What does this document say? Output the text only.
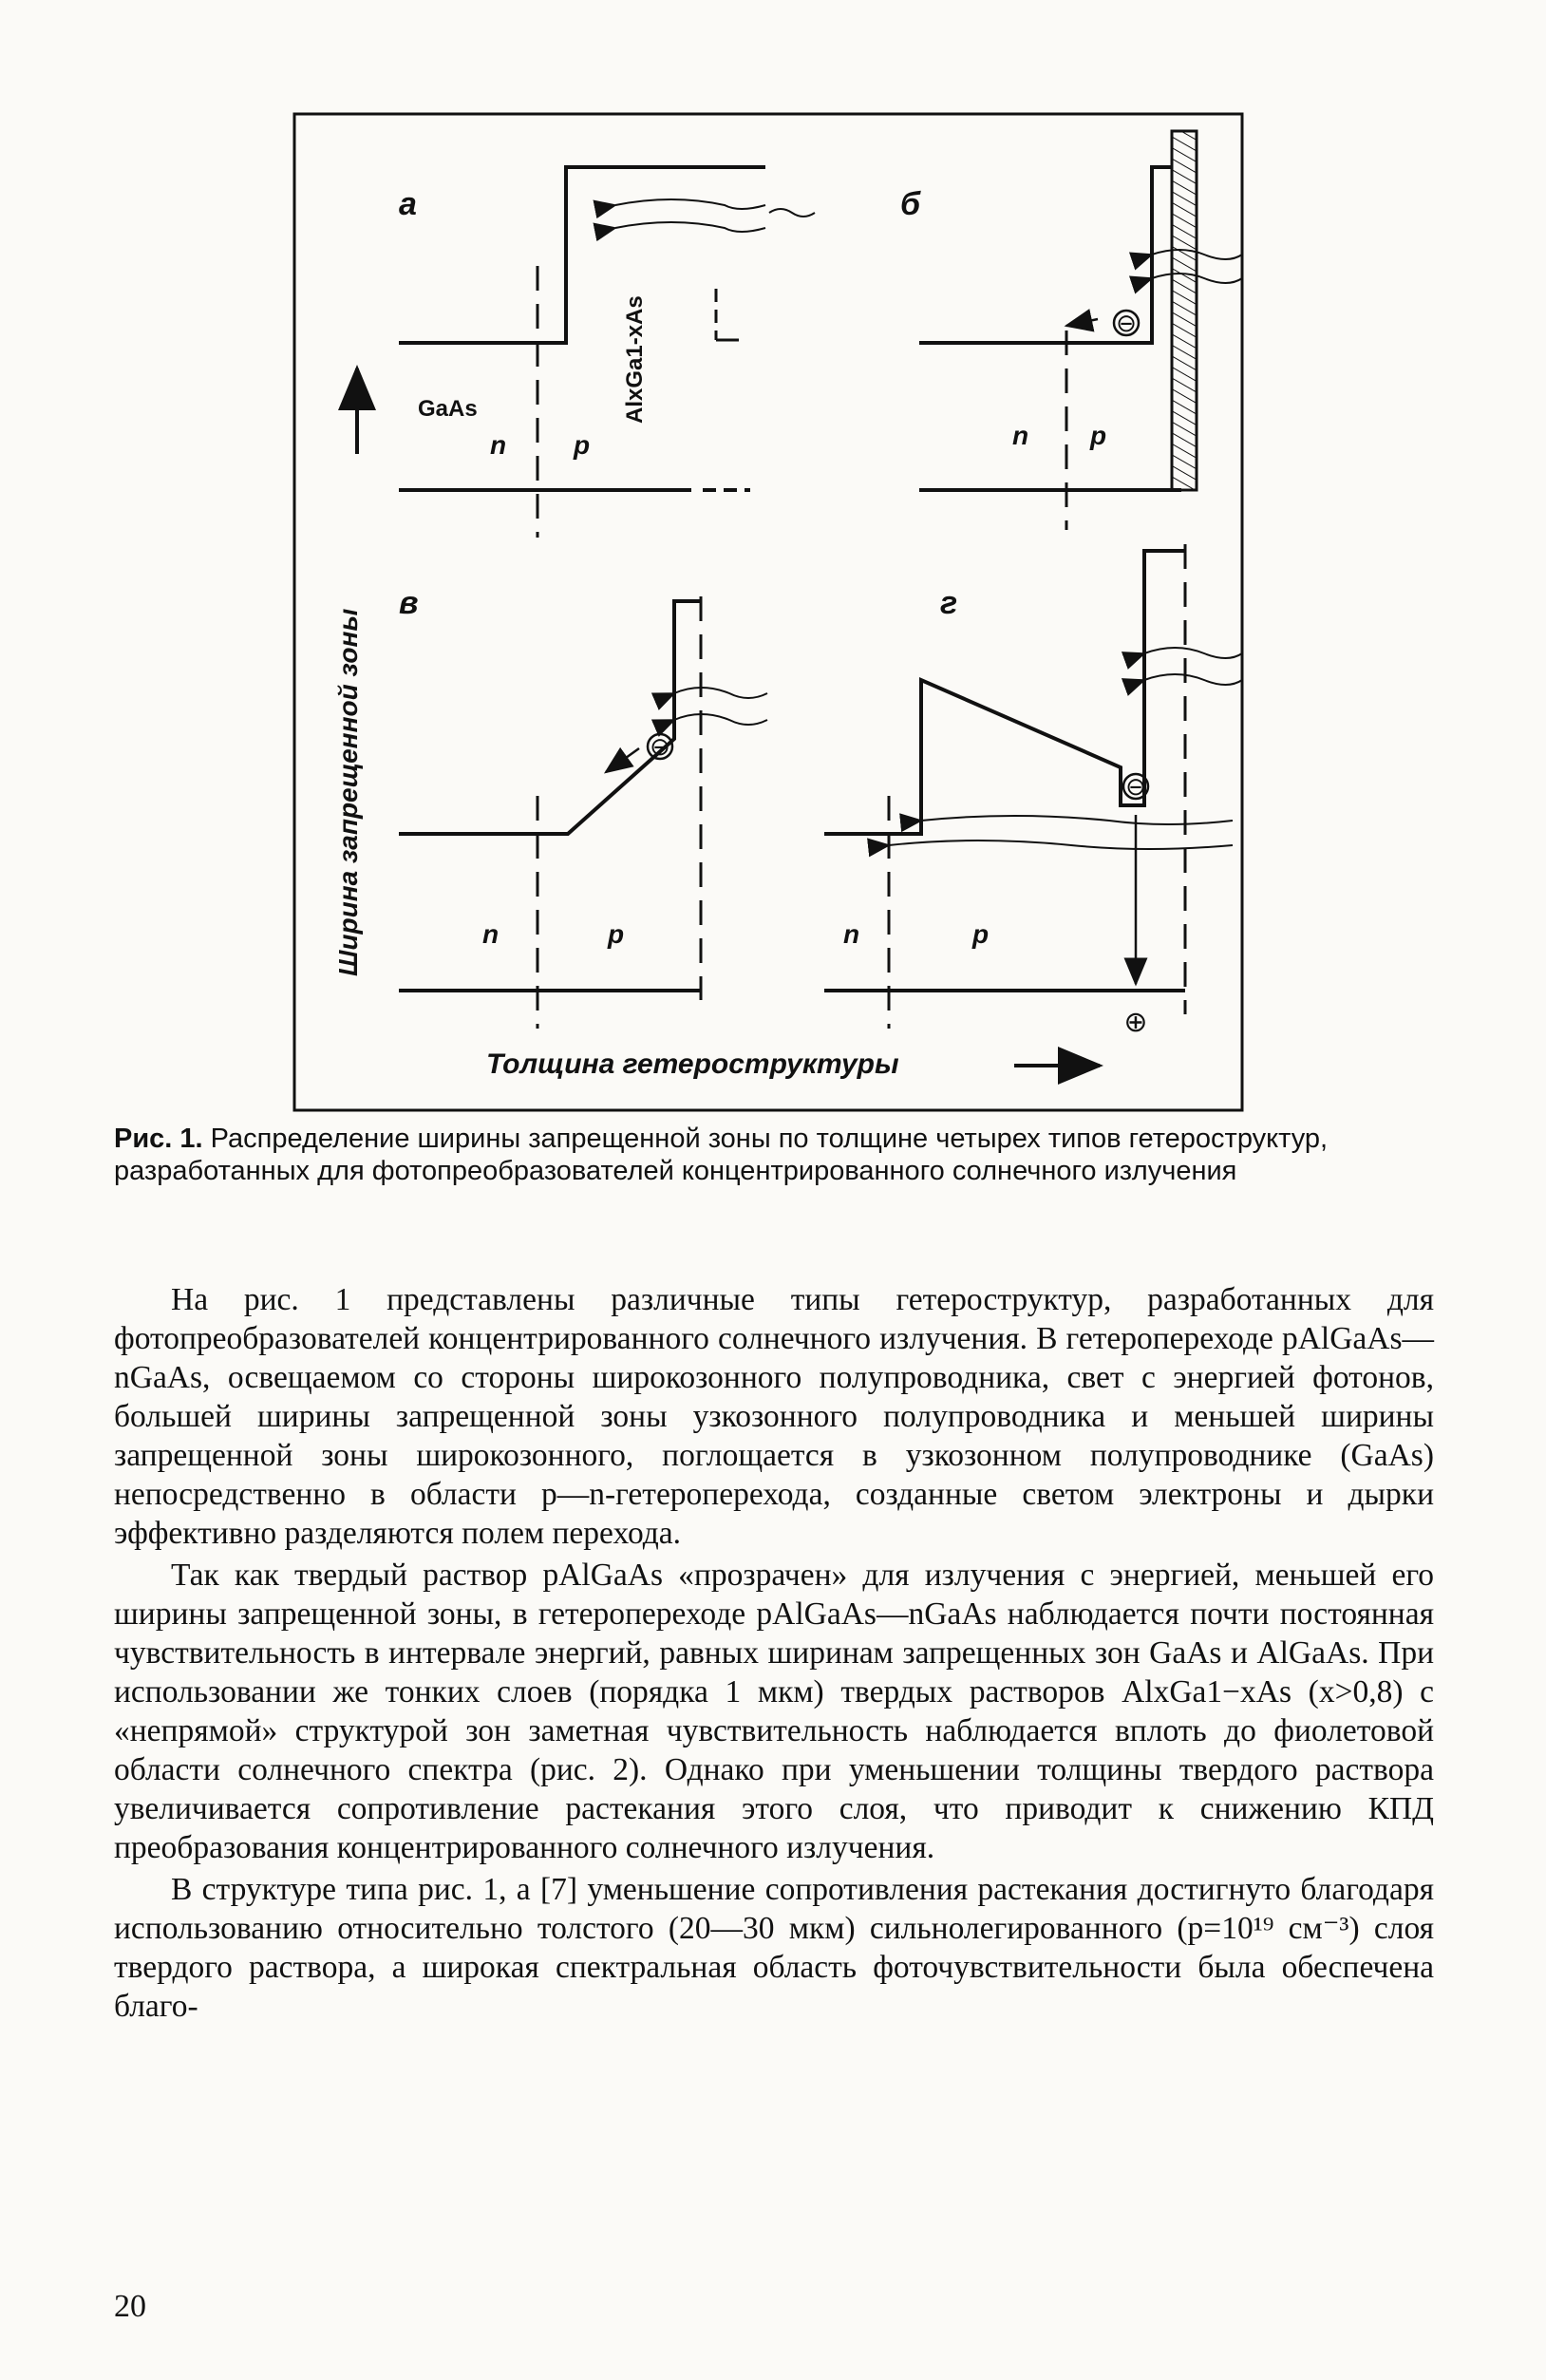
⊖
⊖
⊖
⊕
а	б
в	г
GaAs	AlxGa1-xAs
n	p	n p
n	p	n	p
Ширина запрещенной зоны
Толщина гетероструктуры
Рис. 1. Распределение ширины запрещенной зоны по толщине четырех типов гетероструктур, разработанных для фотопреобразователей концентрированного солнечного излучения

На рис. 1 представлены различные типы гетероструктур, разработанных для фотопреобразователей концентрированного солнечного излучения. В гетеропереходе pAlGaAs—nGaAs, освещаемом со стороны широкозонного полупроводника, свет с энергией фотонов, большей ширины запрещенной зоны узкозонного полупроводника и меньшей ширины запрещенной зоны широкозонного, поглощается в узкозонном полупроводнике (GaAs) непосредственно в области p—n-гетероперехода, созданные светом электроны и дырки эффективно разделяются полем перехода.

Так как твердый раствор pAlGaAs «прозрачен» для излучения с энергией, меньшей его ширины запрещенной зоны, в гетеропереходе pAlGaAs—nGaAs наблюдается почти постоянная чувствительность в интервале энергий, равных ширинам запрещенных зон GaAs и AlGaAs. При использовании же тонких слоев (порядка 1 мкм) твердых растворов AlxGa1−xAs (x>0,8) с «непрямой» структурой зон заметная чувствительность наблюдается вплоть до фиолетовой области солнечного спектра (рис. 2). Однако при уменьшении толщины твердого раствора увеличивается сопротивление растекания этого слоя, что приводит к снижению КПД преобразования концентрированного солнечного излучения.

В структуре типа рис. 1, а [7] уменьшение сопротивления растекания достигнуто благодаря использованию относительно толстого (20—30 мкм) сильнолегированного (p=10¹⁹ см⁻³) слоя твердого раствора, а широкая спектральная область фоточувствительности была обеспечена благо-

20
